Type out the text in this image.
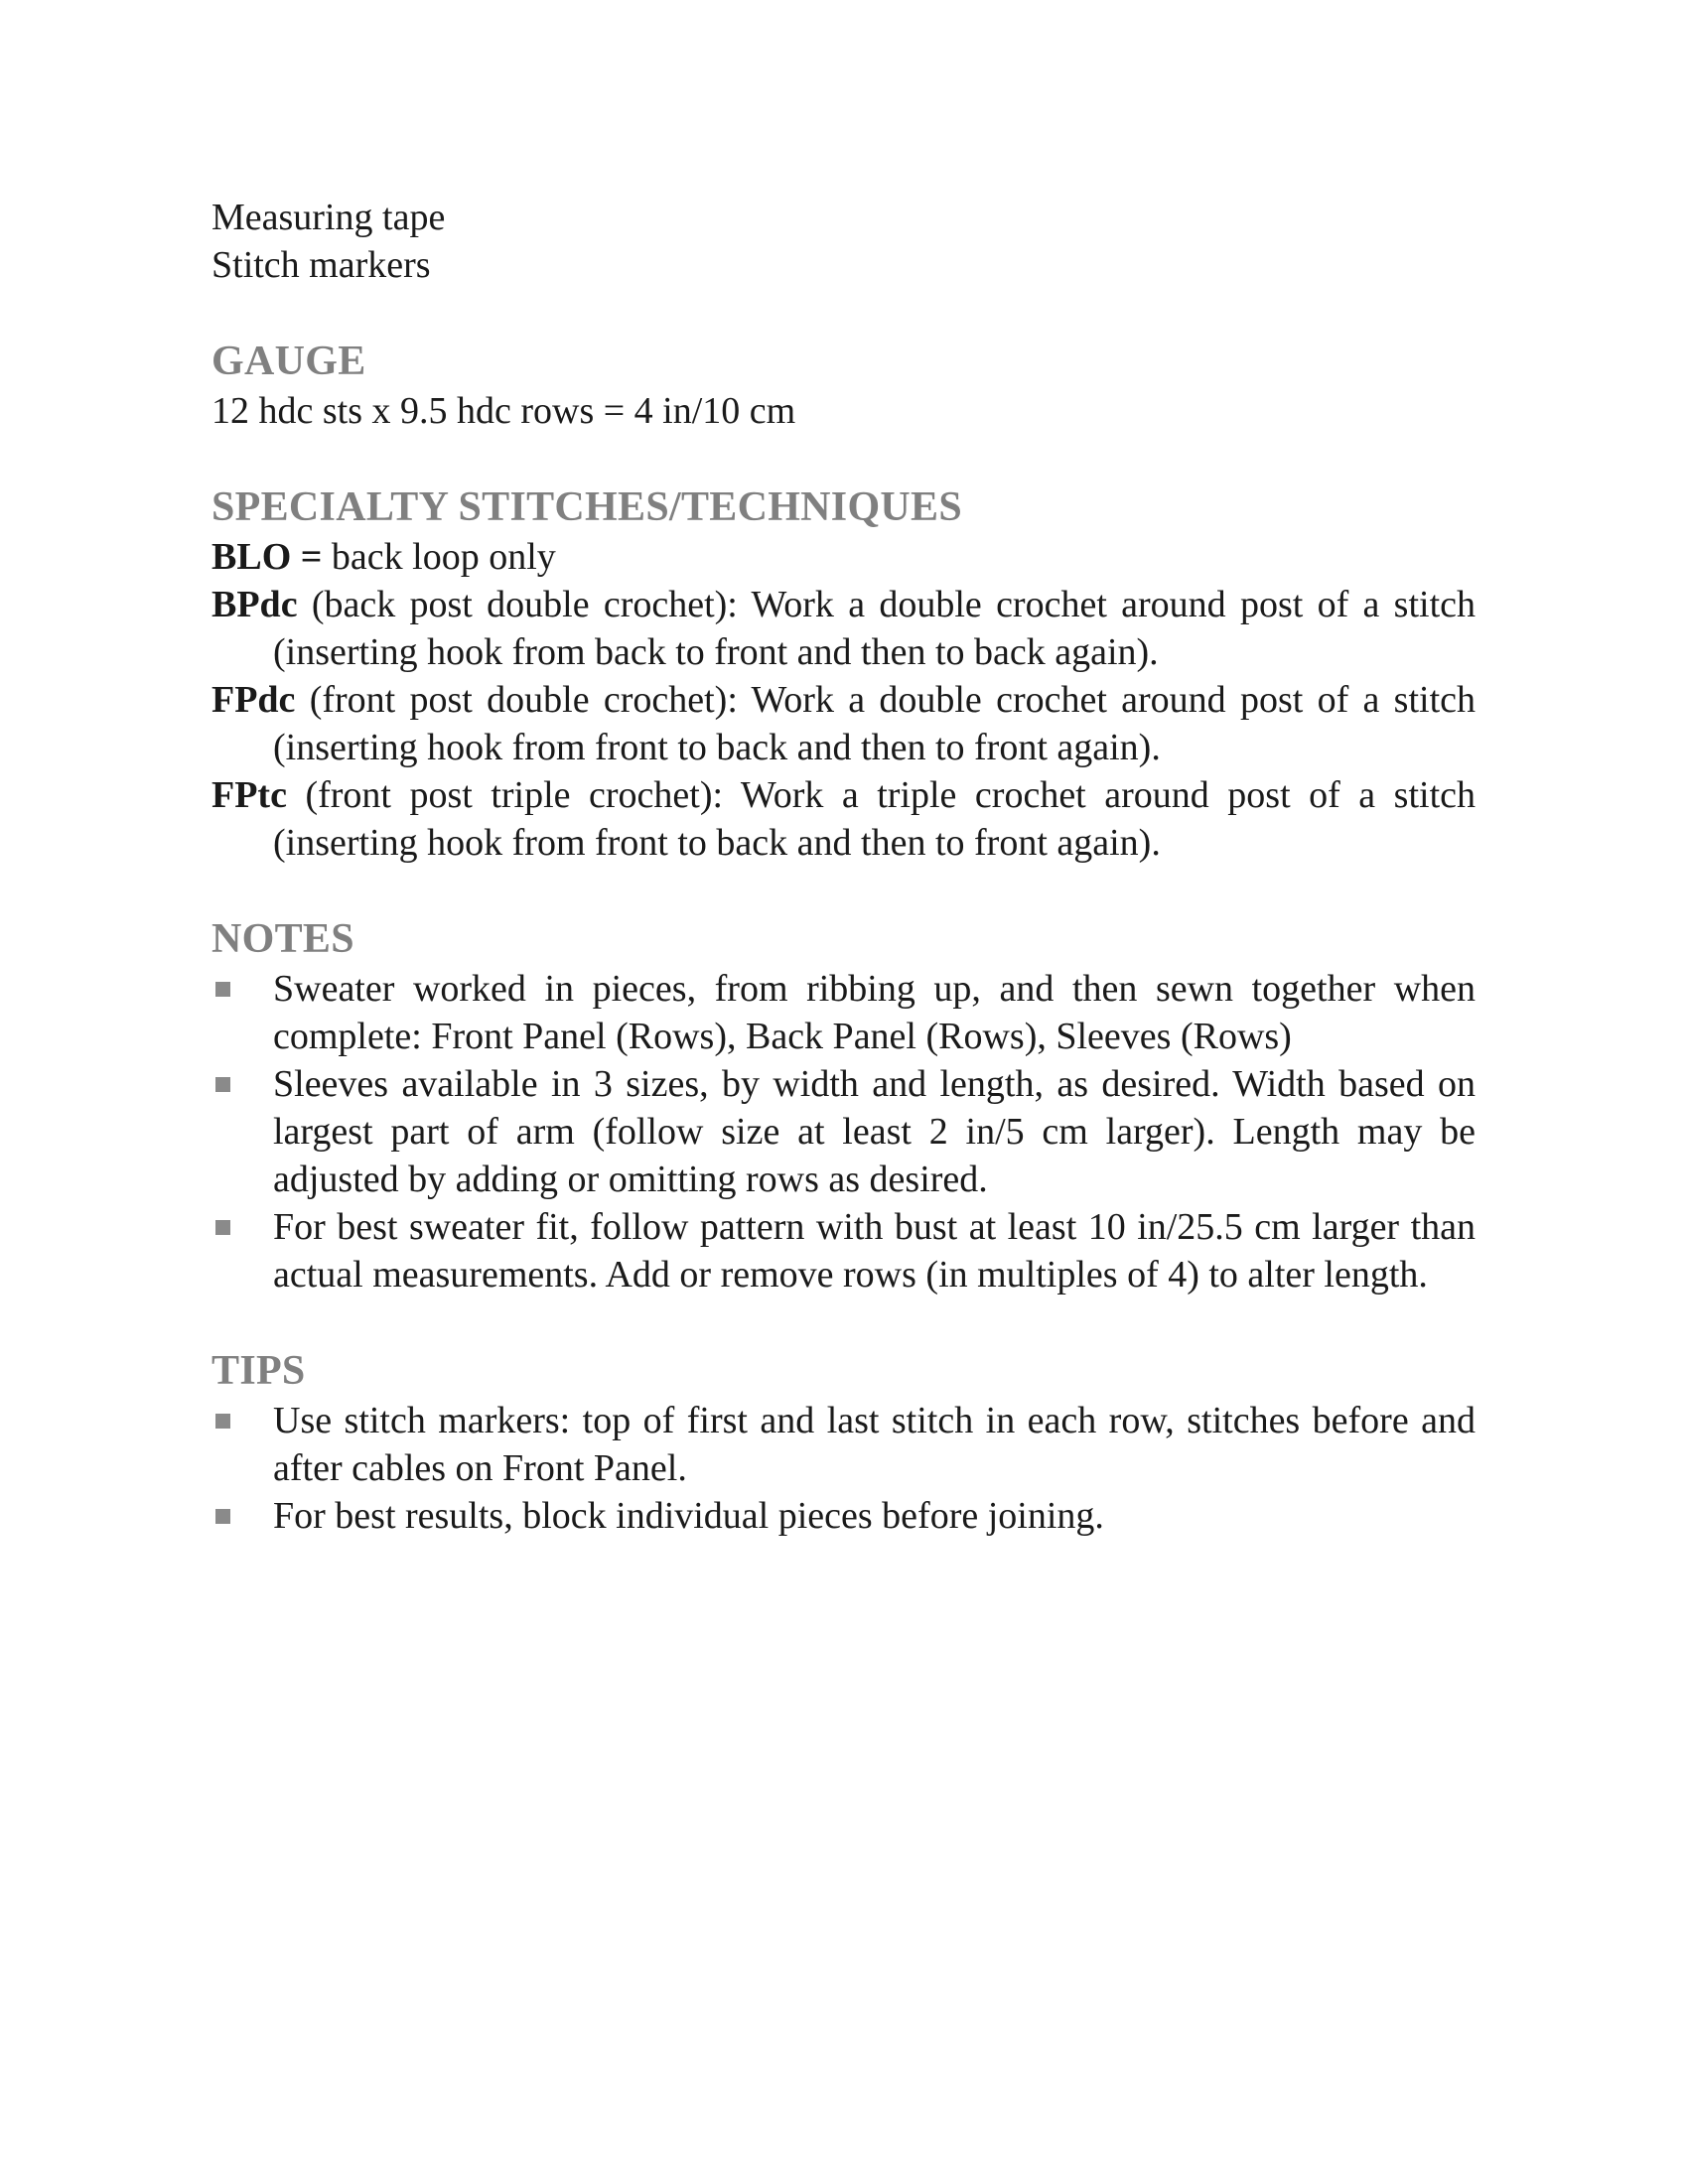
Measuring tape

Stitch markers

GAUGE

12 hdc sts x 9.5 hdc rows = 4 in/10 cm

SPECIALTY STITCHES/TECHNIQUES

BLO = back loop only

BPdc (back post double crochet): Work a double crochet around post of a stitch (inserting hook from back to front and then to back again).

FPdc (front post double crochet): Work a double crochet around post of a stitch (inserting hook from front to back and then to front again).

FPtc (front post triple crochet): Work a triple crochet around post of a stitch (inserting hook from front to back and then to front again).

NOTES
Sweater worked in pieces, from ribbing up, and then sewn together when complete: Front Panel (Rows), Back Panel (Rows), Sleeves (Rows)
Sleeves available in 3 sizes, by width and length, as desired. Width based on largest part of arm (follow size at least 2 in/5 cm larger). Length may be adjusted by adding or omitting rows as desired.
For best sweater fit, follow pattern with bust at least 10 in/25.5 cm larger than actual measurements. Add or remove rows (in multiples of 4) to alter length.
TIPS
Use stitch markers: top of first and last stitch in each row, stitches before and after cables on Front Panel.
For best results, block individual pieces before joining.
